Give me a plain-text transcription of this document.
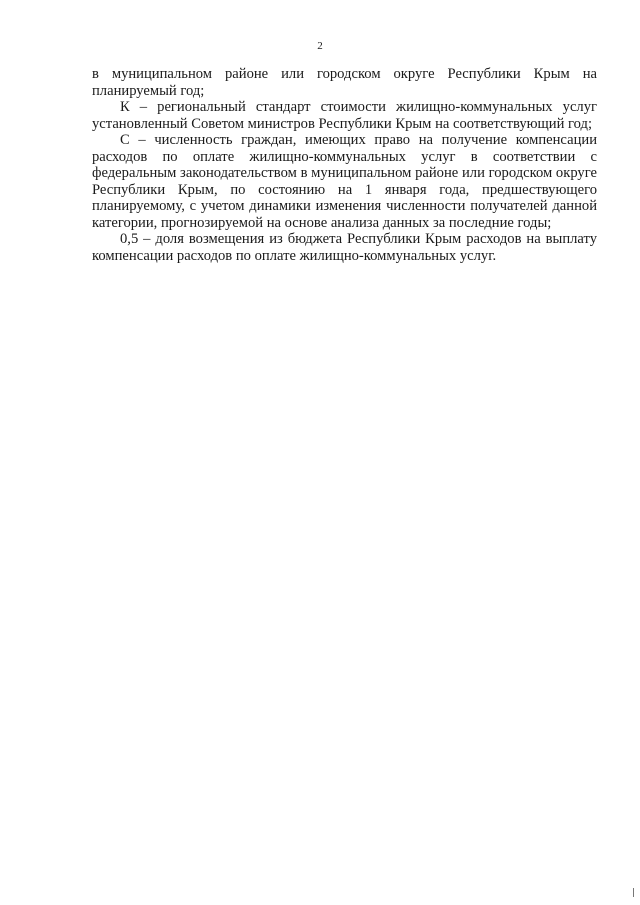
2

в муниципальном районе или городском округе Республики Крым на планируемый год;

К – региональный стандарт стоимости жилищно-коммунальных услуг установленный Советом министров Республики Крым на соответствующий год;

С – численность граждан, имеющих право на получение компенсации расходов по оплате жилищно-коммунальных услуг в соответствии с федеральным законодательством в муниципальном районе или городском округе Республики Крым, по состоянию на 1 января года, предшествующего планируемому, с учетом динамики изменения численности получателей данной категории, прогнозируемой на основе анализа данных за последние годы;

0,5 – доля возмещения из бюджета Республики Крым расходов на выплату компенсации расходов по оплате жилищно-коммунальных услуг.
